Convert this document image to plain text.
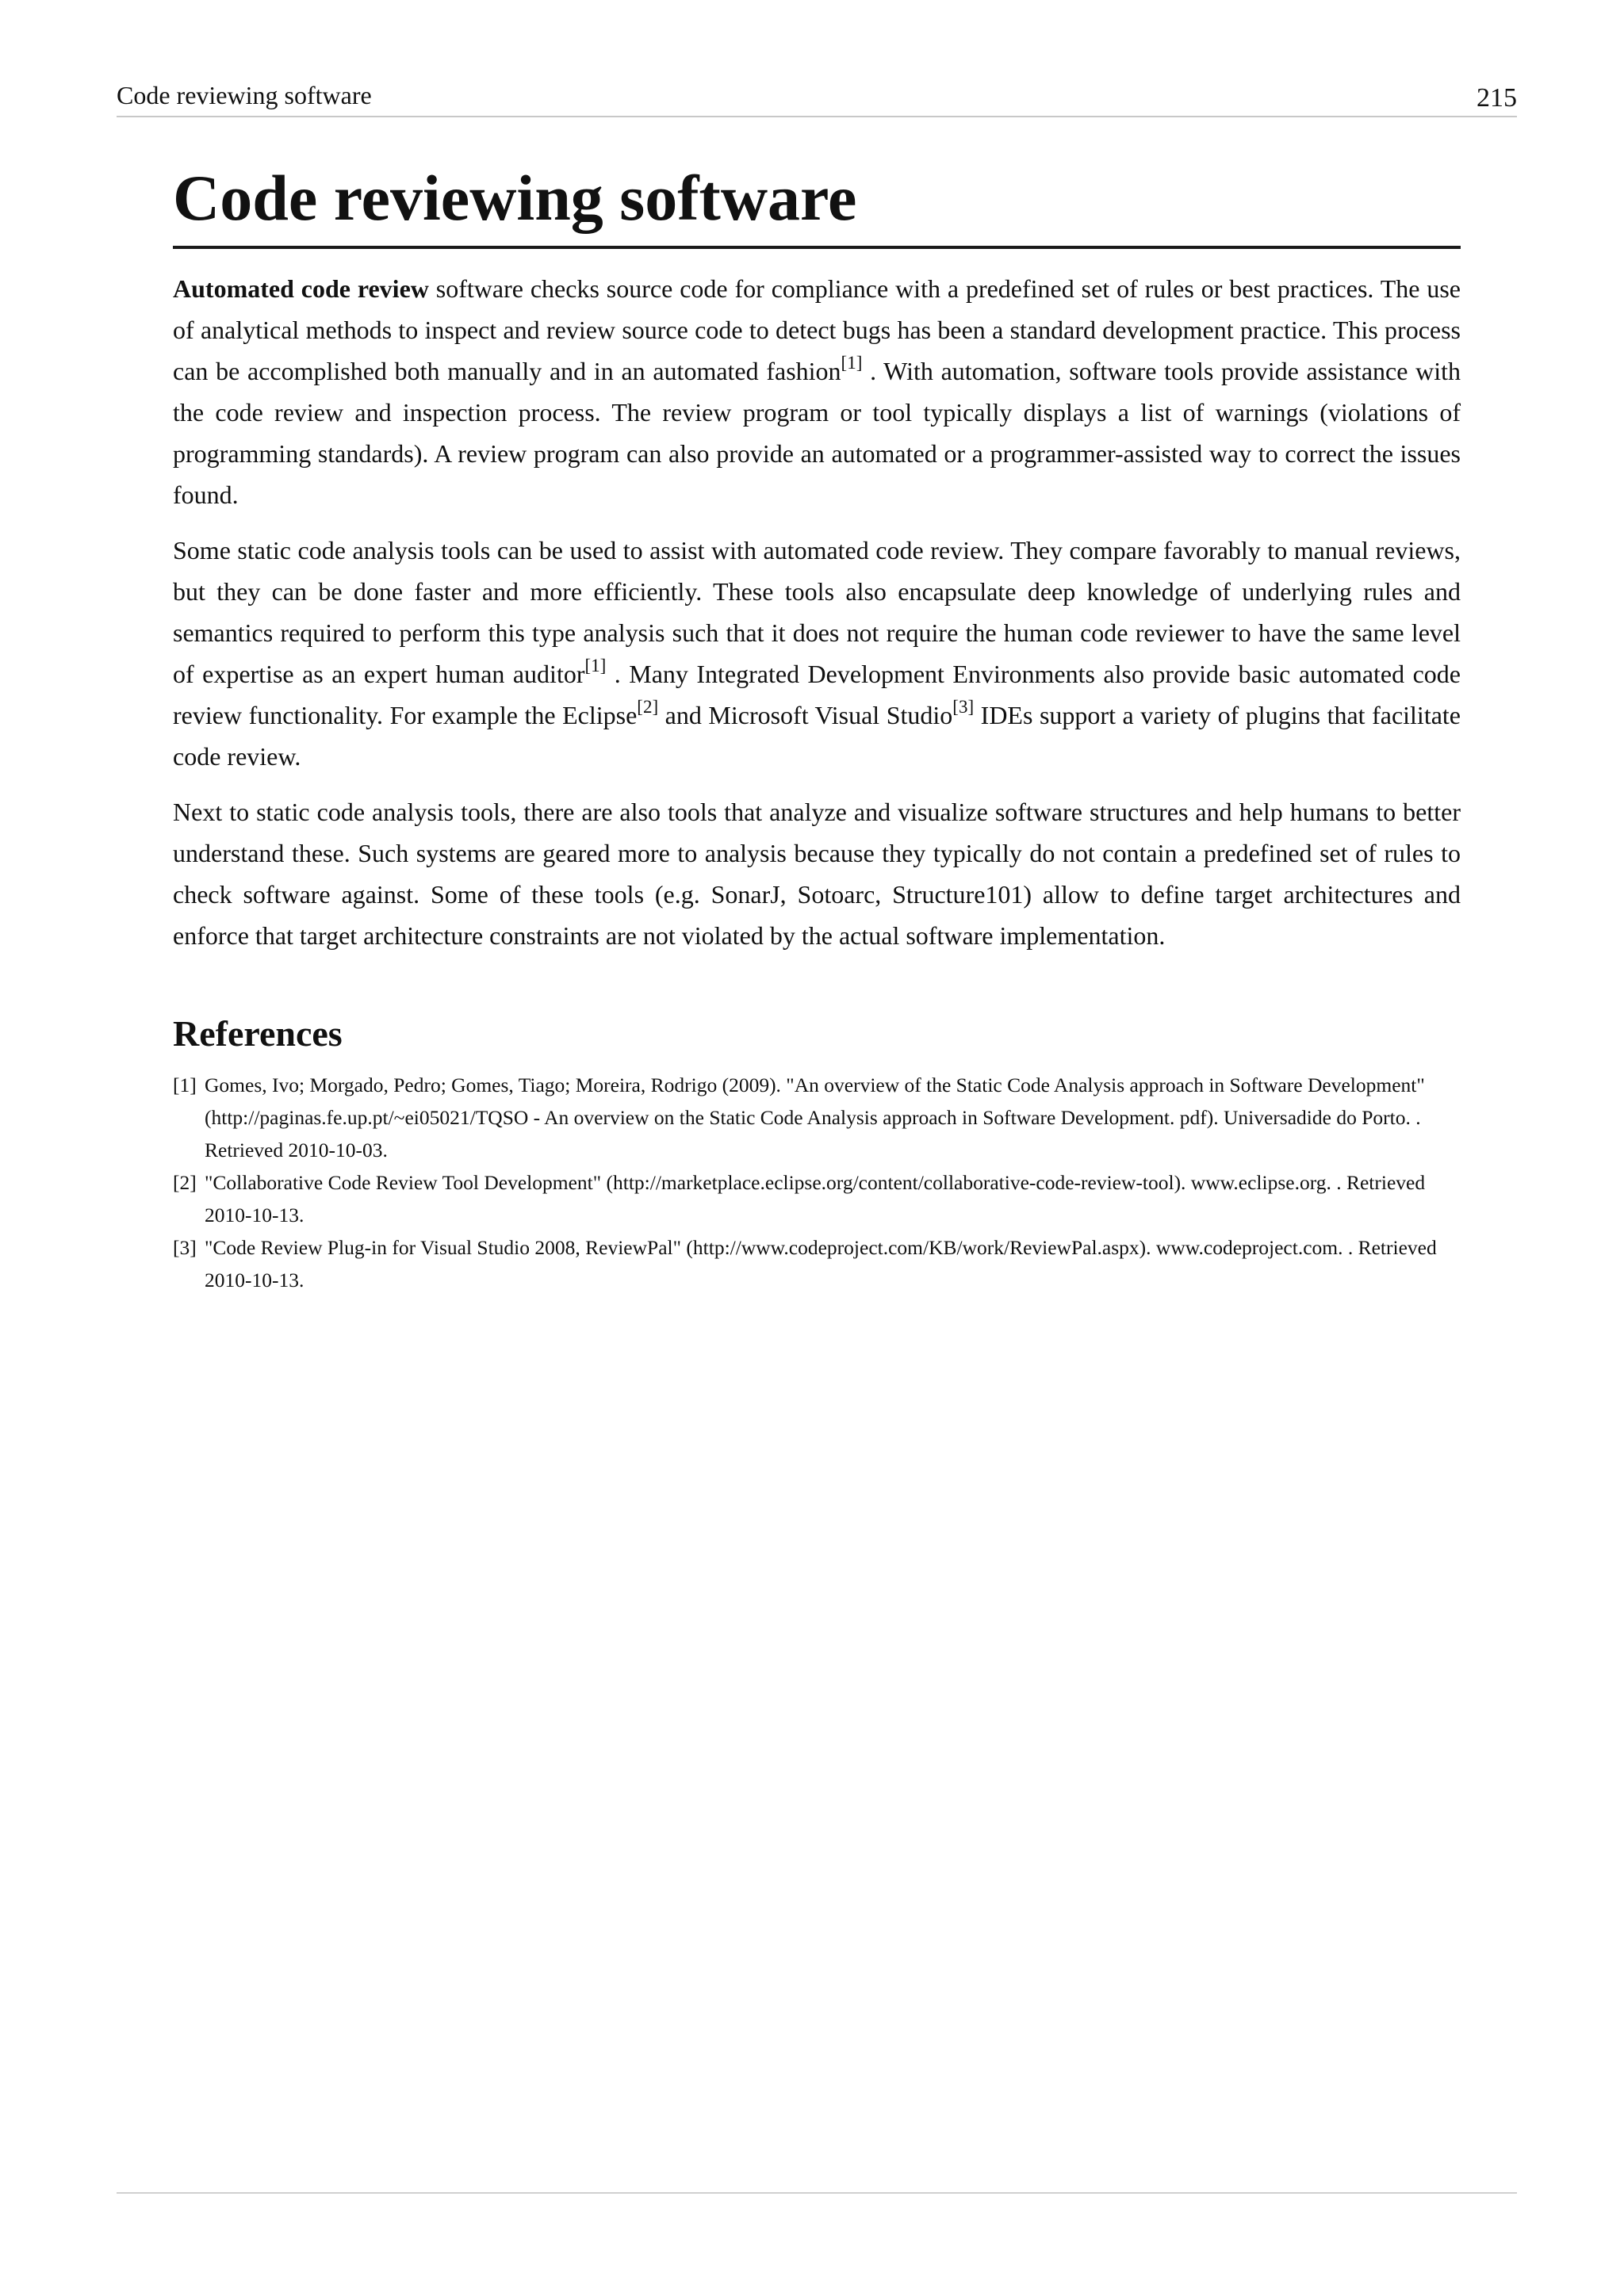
Code reviewing software	215
Code reviewing software

Automated code review software checks source code for compliance with a predefined set of rules or best practices. The use of analytical methods to inspect and review source code to detect bugs has been a standard development practice. This process can be accomplished both manually and in an automated fashion[1] . With automation, software tools provide assistance with the code review and inspection process. The review program or tool typically displays a list of warnings (violations of programming standards). A review program can also provide an automated or a programmer-assisted way to correct the issues found.

Some static code analysis tools can be used to assist with automated code review. They compare favorably to manual reviews, but they can be done faster and more efficiently. These tools also encapsulate deep knowledge of underlying rules and semantics required to perform this type analysis such that it does not require the human code reviewer to have the same level of expertise as an expert human auditor[1] . Many Integrated Development Environments also provide basic automated code review functionality. For example the Eclipse[2] and Microsoft Visual Studio[3] IDEs support a variety of plugins that facilitate code review.

Next to static code analysis tools, there are also tools that analyze and visualize software structures and help humans to better understand these. Such systems are geared more to analysis because they typically do not contain a predefined set of rules to check software against. Some of these tools (e.g. SonarJ, Sotoarc, Structure101) allow to define target architectures and enforce that target architecture constraints are not violated by the actual software implementation.

References
[1] Gomes, Ivo; Morgado, Pedro; Gomes, Tiago; Moreira, Rodrigo (2009). "An overview of the Static Code Analysis approach in Software Development" (http://paginas.fe.up.pt/~ei05021/TQSO - An overview on the Static Code Analysis approach in Software Development. pdf). Universadide do Porto. . Retrieved 2010-10-03.
[2] "Collaborative Code Review Tool Development" (http://marketplace.eclipse.org/content/collaborative-code-review-tool). www.eclipse.org. . Retrieved 2010-10-13.
[3] "Code Review Plug-in for Visual Studio 2008, ReviewPal" (http://www.codeproject.com/KB/work/ReviewPal.aspx). www.codeproject.com. . Retrieved 2010-10-13.
